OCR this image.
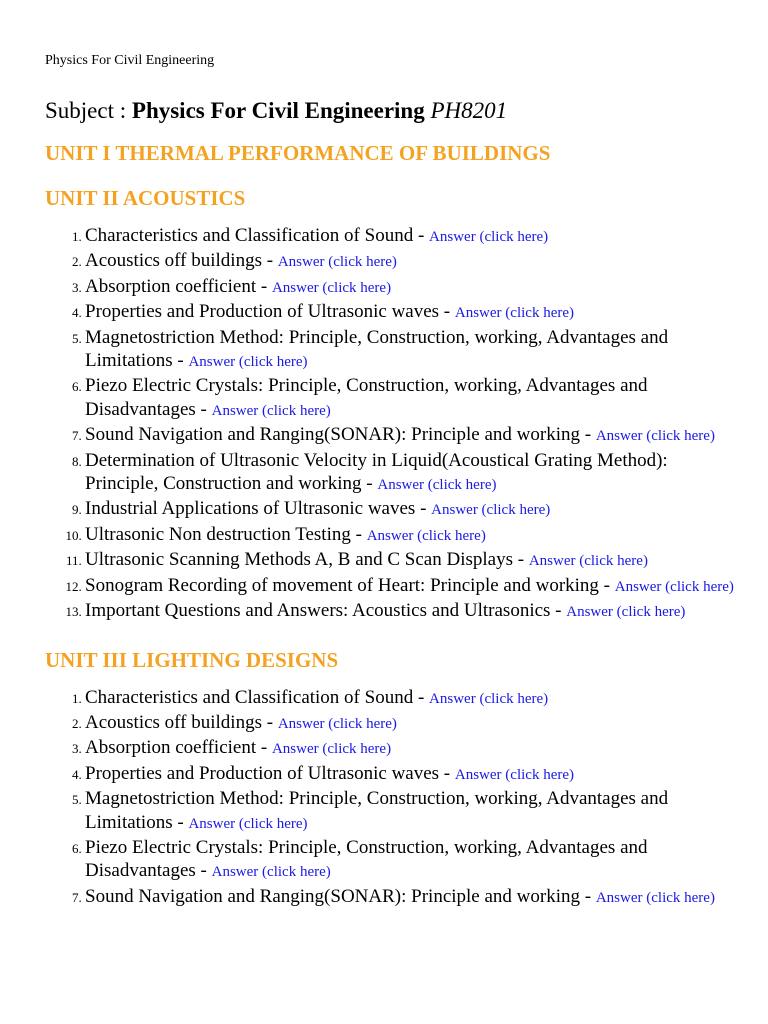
Physics For Civil Engineering

Subject : Physics For Civil Engineering PH8201
UNIT I THERMAL PERFORMANCE OF BUILDINGS
UNIT II ACOUSTICS
1. Characteristics and Classification of Sound - Answer (click here)
2. Acoustics off buildings - Answer (click here)
3. Absorption coefficient - Answer (click here)
4. Properties and Production of Ultrasonic waves - Answer (click here)
5. Magnetostriction Method: Principle, Construction, working, Advantages and Limitations - Answer (click here)
6. Piezo Electric Crystals: Principle, Construction, working, Advantages and Disadvantages - Answer (click here)
7. Sound Navigation and Ranging(SONAR): Principle and working - Answer (click here)
8. Determination of Ultrasonic Velocity in Liquid(Acoustical Grating Method): Principle, Construction and working - Answer (click here)
9. Industrial Applications of Ultrasonic waves - Answer (click here)
10. Ultrasonic Non destruction Testing - Answer (click here)
11. Ultrasonic Scanning Methods A, B and C Scan Displays - Answer (click here)
12. Sonogram Recording of movement of Heart: Principle and working - Answer (click here)
13. Important Questions and Answers: Acoustics and Ultrasonics - Answer (click here)
UNIT III LIGHTING DESIGNS
1. Characteristics and Classification of Sound - Answer (click here)
2. Acoustics off buildings - Answer (click here)
3. Absorption coefficient - Answer (click here)
4. Properties and Production of Ultrasonic waves - Answer (click here)
5. Magnetostriction Method: Principle, Construction, working, Advantages and Limitations - Answer (click here)
6. Piezo Electric Crystals: Principle, Construction, working, Advantages and Disadvantages - Answer (click here)
7. Sound Navigation and Ranging(SONAR): Principle and working - Answer (click here)
